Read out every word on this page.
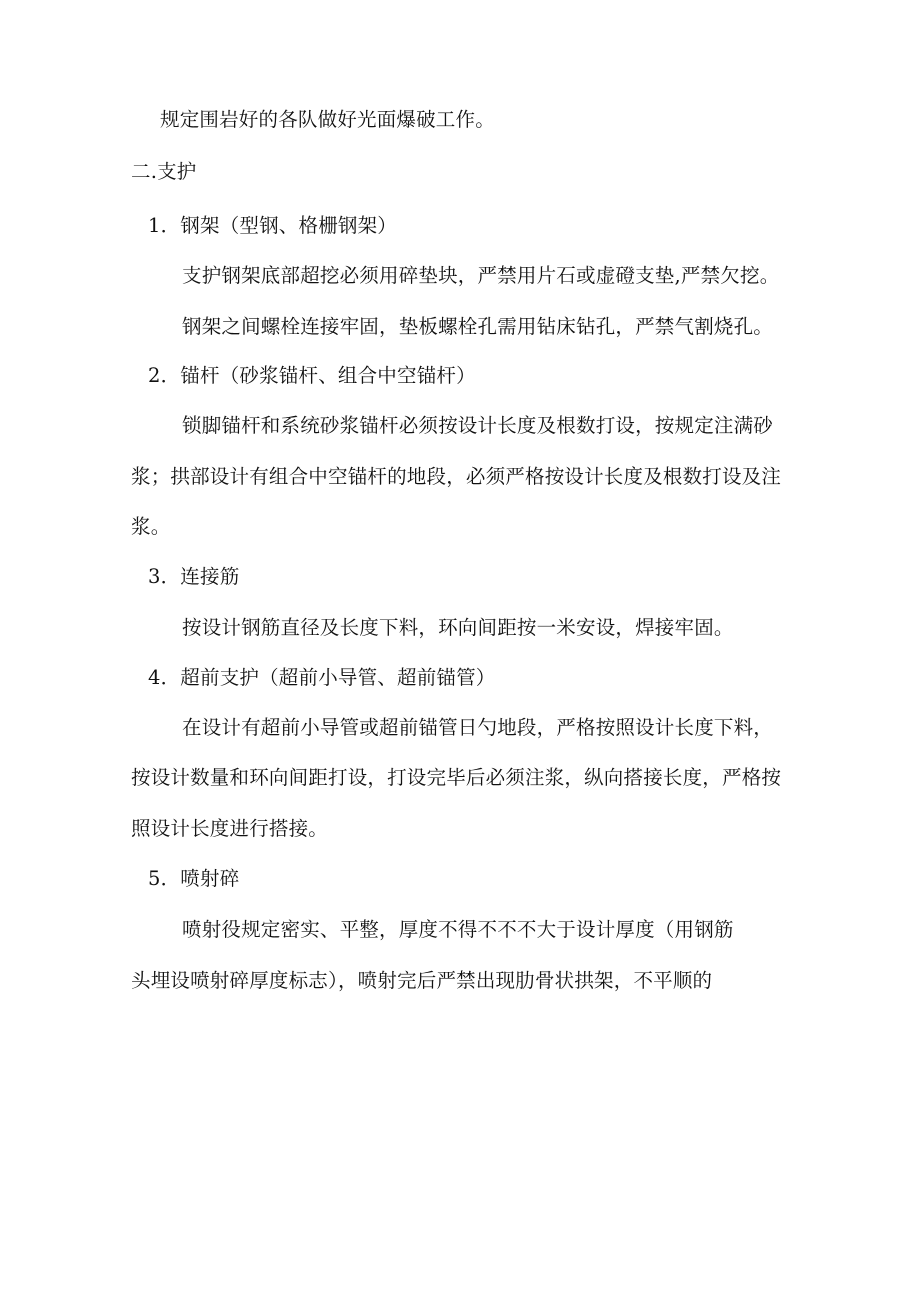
规定围岩好的各队做好光面爆破工作。
二.支护
1．钢架（型钢、格栅钢架）
支护钢架底部超挖必须用碎垫块，严禁用片石或虚磴支垫,严禁欠挖。
钢架之间螺栓连接牢固，垫板螺栓孔需用钻床钻孔，严禁气割烧孔。
2．锚杆（砂浆锚杆、组合中空锚杆）
锁脚锚杆和系统砂浆锚杆必须按设计长度及根数打设，按规定注满砂
浆；拱部设计有组合中空锚杆的地段，必须严格按设计长度及根数打设及注
浆。
3．连接筋
按设计钢筋直径及长度下料，环向间距按一米安设，焊接牢固。
4．超前支护（超前小导管、超前锚管）
在设计有超前小导管或超前锚管日勺地段，严格按照设计长度下料，
按设计数量和环向间距打设，打设完毕后必须注浆，纵向搭接长度，严格按
照设计长度进行搭接。
5．喷射碎
喷射役规定密实、平整，厚度不得不不不大于设计厚度（用钢筋
头埋设喷射碎厚度标志），喷射完后严禁出现肋骨状拱架，不平顺的
